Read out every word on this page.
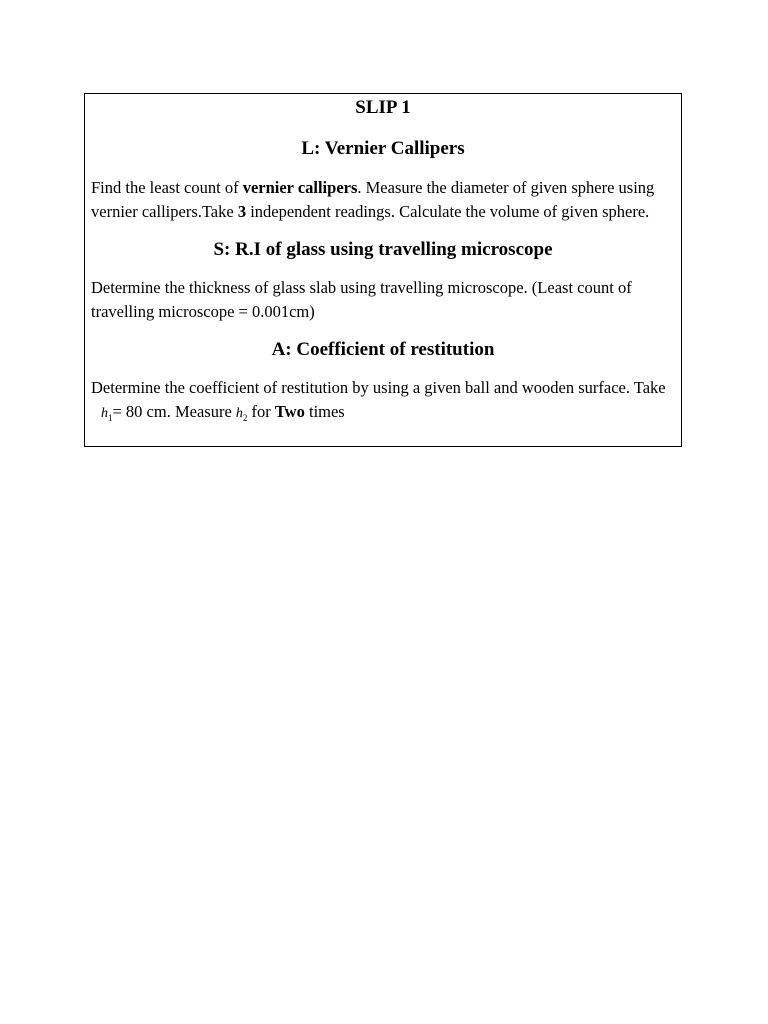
SLIP 1
L: Vernier Callipers
Find the least count of vernier callipers. Measure the diameter of given sphere using vernier callipers.Take 3 independent readings. Calculate the volume of given sphere.
S: R.I of glass using travelling microscope
Determine the thickness of glass slab using travelling microscope. (Least count of travelling microscope = 0.001cm)
A: Coefficient of restitution
Determine the coefficient of restitution by using a given ball and wooden surface. Take $h_1= 80$ cm. Measure $h_2$ for Two times
